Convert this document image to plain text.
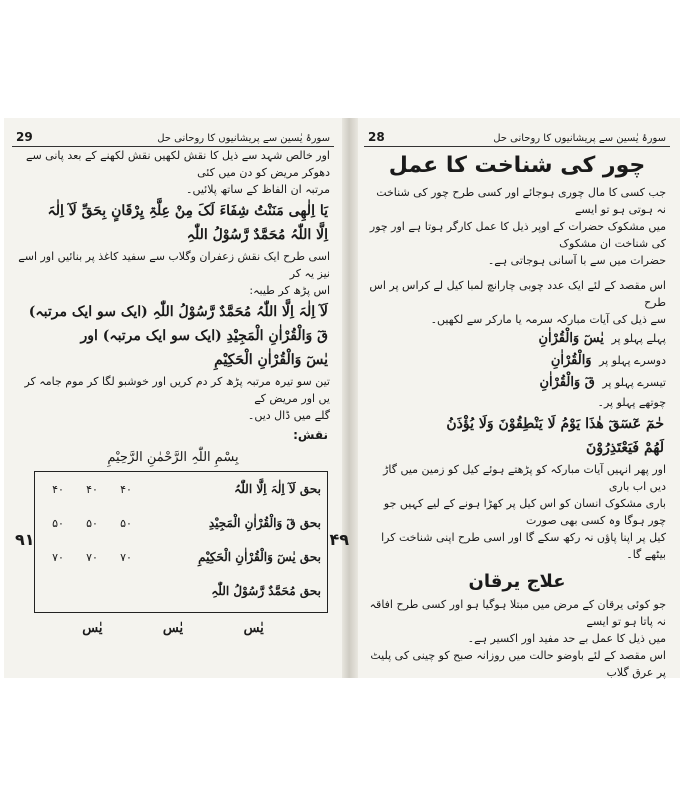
سورۂ یٰسین سے پریشانیوں کا روحانی حل
29

اور خالص شہد سے ذیل کا نقش لکھیں نقش لکھنے کے بعد پانی سے دھوکر مریض کو دن میں کئی

مرتبہ ان الفاظ کے ساتھ پلائیں۔

یَا اِلٰھِی مَنَنْتُ شِفَاءَ لَکَ مِنْ عِلَّۃِ یِرْقَانٍ بِحَقِّ لَآ اِلٰہَ

اِلَّا اللّٰہُ مُحَمَّدٌ رَّسُوْلُ اللّٰہِ

اسی طرح ایک نقش زعفران وگلاب سے سفید کاغذ پر بنائیں اور اسے نیز یہ کر

اس پڑھ کر طیبہ:

لَآ اِلٰہَ اِلَّا اللّٰہُ مُحَمَّدٌ رَّسُوْلُ اللّٰہِ (ایک سو ایک مرتبہ)

قٓ وَالْقُرْاٰنِ الْمَجِیْدِ (ایک سو ایک مرتبہ) اور

یٰسٓ وَالْقُرْاٰنِ الْحَکِیْمِ

تین سو تیرہ مرتبہ پڑھ کر دم کریں اور خوشبو لگا کر موم جامہ کر یں اور مریض کے

گلے میں ڈال دیں۔

نقش:

بِسْمِ اللّٰہِ الرَّحْمٰنِ الرَّحِیْمِ

بحق لَآ اِلٰہَ اِلَّا اللّٰہُ
۴۰
۴۰
۴۰
بحق قٓ وَالْقُرْاٰنِ الْمَجِیْدِ
۵۰
۵۰
۵۰
بحق یٰسٓ وَالْقُرْاٰنِ الْحَکِیْمِ
۷۰
۷۰
۷۰
بحق مُحَمَّدٌ رَّسُوْلُ اللّٰہِ
۹۱	۴۹
یٰس
یٰس
یٰس
سورۂ یٰسین سے پریشانیوں کا روحانی حل
28
چور کی شناخت کا عمل

جب کسی کا مال چوری ہوجائے اور کسی طرح چور کی شناخت نہ ہوتی ہو تو ایسے

میں مشکوک حضرات کے اوپر ذیل کا عمل کارگر ہوتا ہے اور چور کی شناخت ان مشکوک

حضرات میں سے با آسانی ہوجاتی ہے۔

اس مقصد کے لئے ایک عدد چوبی چارانچ لمبا کیل لے کراس پر اس طرح

سے ذیل کی آیات مبارکہ سرمہ یا مارکر سے لکھیں۔

پہلے پہلو پر یٰسٓ وَالْقُرْاٰنِ

دوسرے پہلو پر وَالْقُرْاٰنِ

تیسرے پہلو پر قٓ وَالْقُرْاٰنِ

چوتھے پہلو پر۔

حٰمٓ عٓسٓقٓ ھٰذَا یَوْمُ لَا یَنْطِقُوْنَ وَلَا یُؤْذَنُ

لَھُمْ فَیَعْتَذِرُوْنَ

اور پھر انہیں آیات مبارکہ کو پڑھتے ہوئے کیل کو زمین میں گاڑ دیں اب باری

باری مشکوک انسان کو اس کیل پر کھڑا ہونے کے لیے کہیں جو چور ہوگا وہ کسی بھی صورت

کیل پر اپنا پاؤں نہ رکھ سکے گا اور اسی طرح اپنی شناخت کرا بیٹھے گا۔

علاج یرقان

جو کوئی یرقان کے مرض میں مبتلا ہوگیا ہو اور کسی طرح افاقہ نہ پاتا ہو تو ایسے

میں ذیل کا عمل بے حد مفید اور اکسیر ہے۔

اس مقصد کے لئے باوضو حالت میں روزانہ صبح کو چینی کی پلیٹ پر عرق گلاب
